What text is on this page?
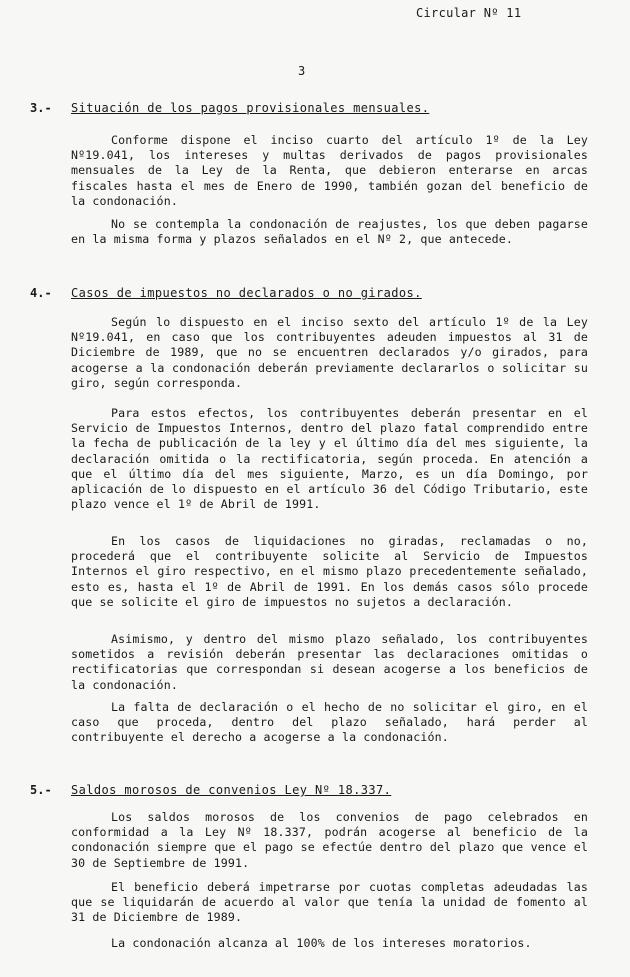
Circular Nº 11
3
3.- Situación de los pagos provisionales mensuales.

Conforme dispone el inciso cuarto del artículo 1º de la Ley Nº19.041, los intereses y multas derivados de pagos provisionales mensuales de la Ley de la Renta, que debieron enterarse en arcas fiscales hasta el mes de Enero de 1990, también gozan del beneficio de la condonación.

No se contempla la condonación de reajustes, los que deben pagarse en la misma forma y plazos señalados en el Nº 2, que antecede.

4.- Casos de impuestos no declarados o no girados.

Según lo dispuesto en el inciso sexto del artículo 1º de la Ley Nº19.041, en caso que los contribuyentes adeuden impuestos al 31 de Diciembre de 1989, que no se encuentren declarados y/o girados, para acogerse a la condonación deberán previamente declararlos o solicitar su giro, según corresponda.

Para estos efectos, los contribuyentes deberán presentar en el Servicio de Impuestos Internos, dentro del plazo fatal comprendido entre la fecha de publicación de la ley y el último día del mes siguiente, la declaración omitida o la rectificatoria, según proceda. En atención a que el último día del mes siguiente, Marzo, es un día Domingo, por aplicación de lo dispuesto en el artículo 36 del Código Tributario, este plazo vence el 1º de Abril de 1991.

En los casos de liquidaciones no giradas, reclamadas o no, procederá que el contribuyente solicite al Servicio de Impuestos Internos el giro respectivo, en el mismo plazo precedentemente señalado, esto es, hasta el 1º de Abril de 1991. En los demás casos sólo procede que se solicite el giro de impuestos no sujetos a declaración.

Asimismo, y dentro del mismo plazo señalado, los contribuyentes sometidos a revisión deberán presentar las declaraciones omitidas o rectificatorias que correspondan si desean acogerse a los beneficios de la condonación.

La falta de declaración o el hecho de no solicitar el giro, en el caso que proceda, dentro del plazo señalado, hará perder al contribuyente el derecho a acogerse a la condonación.

5.- Saldos morosos de convenios Ley Nº 18.337.

Los saldos morosos de los convenios de pago celebrados en conformidad a la Ley Nº 18.337, podrán acogerse al beneficio de la condonación siempre que el pago se efectúe dentro del plazo que vence el 30 de Septiembre de 1991.

El beneficio deberá impetrarse por cuotas completas adeudadas las que se liquidarán de acuerdo al valor que tenía la unidad de fomento al 31 de Diciembre de 1989.

La condonación alcanza al 100% de los intereses moratorios.
